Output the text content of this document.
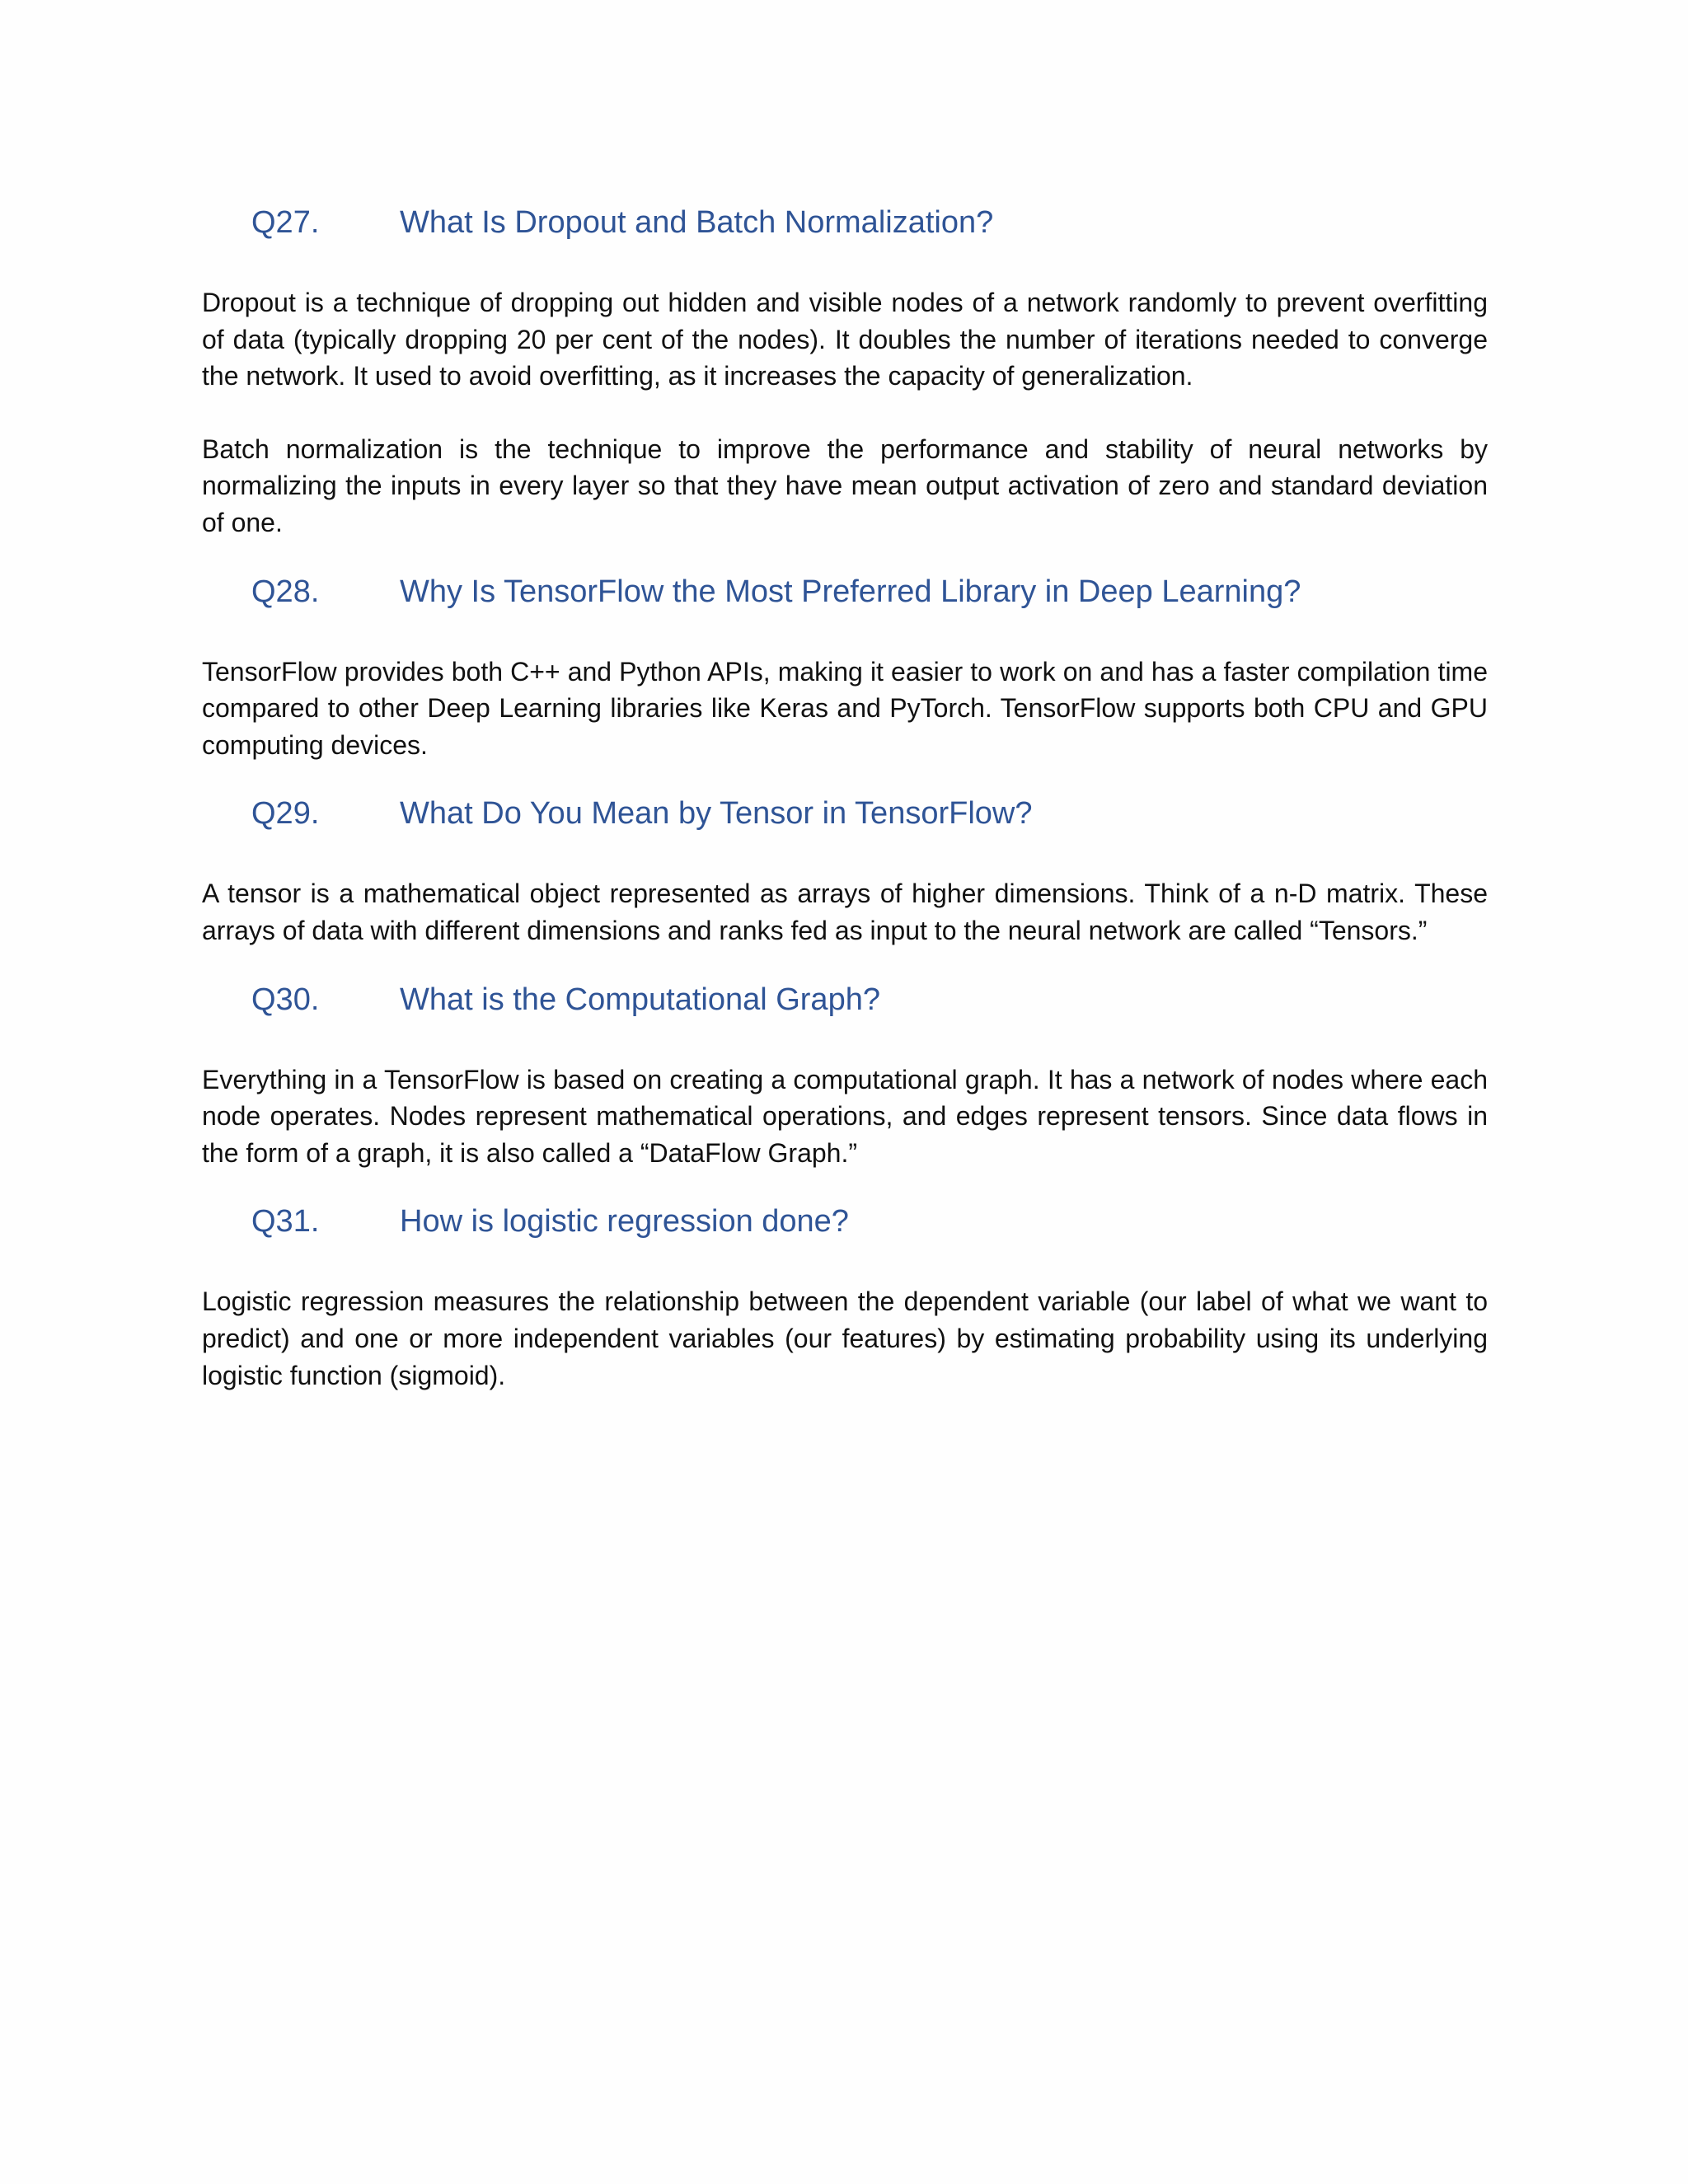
Q27.	What Is Dropout and Batch Normalization?

Dropout is a technique of dropping out hidden and visible nodes of a network randomly to prevent overfitting of data (typically dropping 20 per cent of the nodes). It doubles the number of iterations needed to converge the network. It used to avoid overfitting, as it increases the capacity of generalization.

Batch normalization is the technique to improve the performance and stability of neural networks by normalizing the inputs in every layer so that they have mean output activation of zero and standard deviation of one.

Q28.	Why Is TensorFlow the Most Preferred Library in Deep Learning?

TensorFlow provides both C++ and Python APIs, making it easier to work on and has a faster compilation time compared to other Deep Learning libraries like Keras and PyTorch. TensorFlow supports both CPU and GPU computing devices.

Q29.	What Do You Mean by Tensor in TensorFlow?

A tensor is a mathematical object represented as arrays of higher dimensions. Think of a n-D matrix. These arrays of data with different dimensions and ranks fed as input to the neural network are called “Tensors.”

Q30.	What is the Computational Graph?

Everything in a TensorFlow is based on creating a computational graph. It has a network of nodes where each node operates. Nodes represent mathematical operations, and edges represent tensors. Since data flows in the form of a graph, it is also called a “DataFlow Graph.”

Q31.	How is logistic regression done?

Logistic regression measures the relationship between the dependent variable (our label of what we want to predict) and one or more independent variables (our features) by estimating probability using its underlying logistic function (sigmoid).
